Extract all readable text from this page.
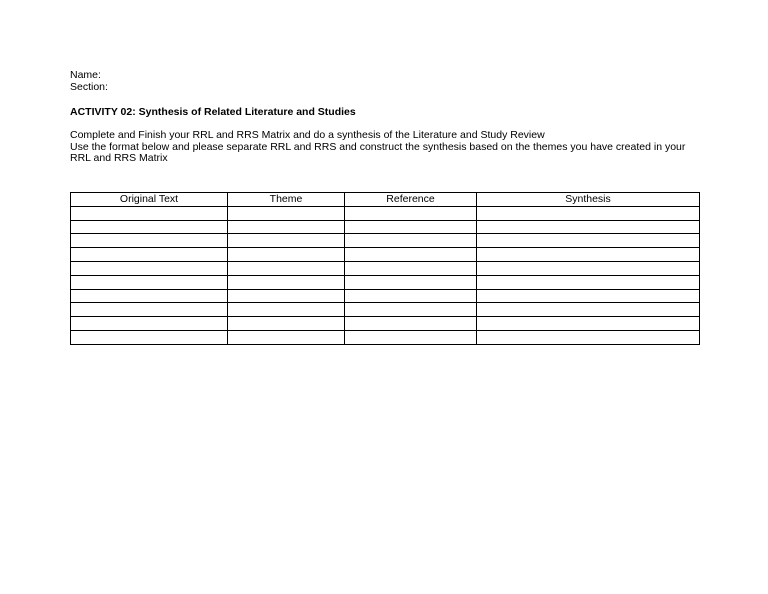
Name:
Section:
ACTIVITY 02: Synthesis of Related Literature and Studies

Complete and Finish your RRL and RRS Matrix and do a synthesis of the Literature and Study Review

Use the format below and please separate RRL and RRS and construct the synthesis based on the themes you have created in your RRL and RRS Matrix

Original Text	Theme	Reference	Synthesis
